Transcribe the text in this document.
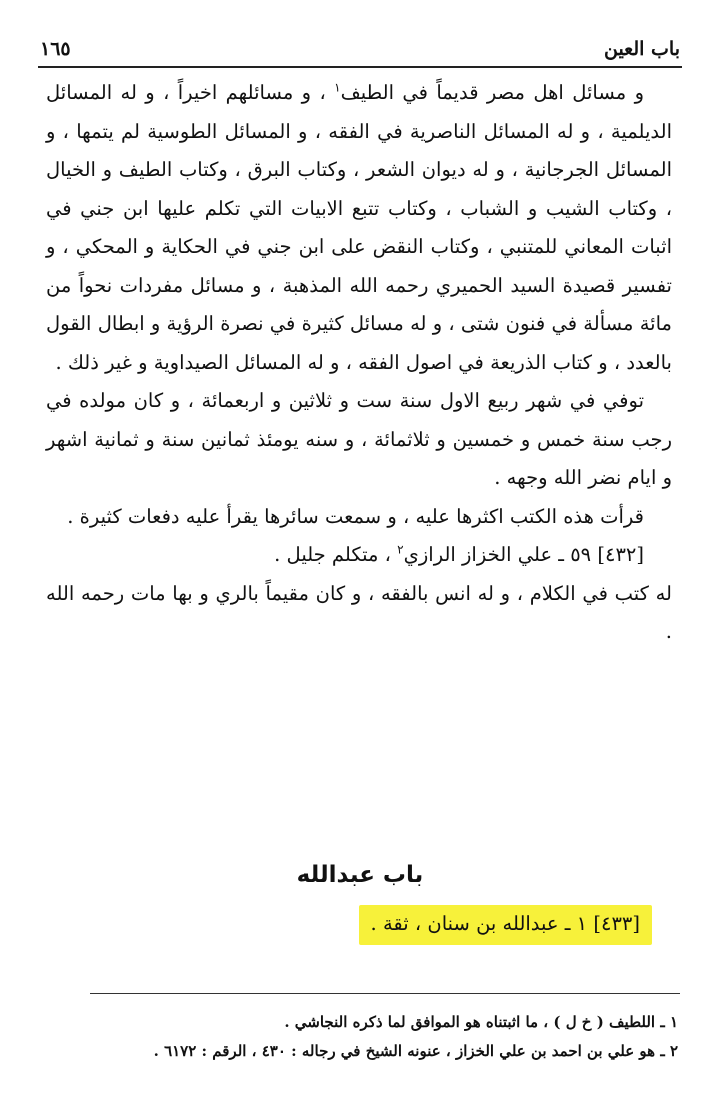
باب العين
١٦٥

و مسائل اهل مصر قديماً في الطيف$^١$ ، و مسائلهم اخيراً ، و له المسائل الديلمية ، و له المسائل الناصرية في الفقه ، و المسائل الطوسية لم يتمها ، و المسائل الجرجانية ، و له ديوان الشعر ، وكتاب البرق ، وكتاب الطيف و الخيال ، وكتاب الشيب و الشباب ، وكتاب تتبع الابيات التي تكلم عليها ابن جني في اثبات المعاني للمتنبي ، وكتاب النقض على ابن جني في الحكاية و المحكي ، و تفسير قصيدة السيد الحميري رحمه الله المذهبة ، و مسائل مفردات نحواً من مائة مسألة في فنون شتى ، و له مسائل كثيرة في نصرة الرؤية و ابطال القول بالعدد ، و كتاب الذريعة في اصول الفقه ، و له المسائل الصيداوية و غير ذلك .

توفي في شهر ربيع الاول سنة ست و ثلاثين و اربعمائة ، و كان مولده في رجب سنة خمس و خمسين و ثلاثمائة ، و سنه يومئذ ثمانين سنة و ثمانية اشهر و ايام نضر الله وجهه .

قرأت هذه الكتب اكثرها عليه ، و سمعت سائرها يقرأ عليه دفعات كثيرة .

[٤٣٢] ٥٩ ـ علي الخزاز الرازي$^٢$ ، متكلم جليل .

له كتب في الكلام ، و له انس بالفقه ، و كان مقيماً بالري و بها مات رحمه الله .

باب عبدالله
[٤٣٣] ١ ـ عبدالله بن سنان ، ثقة .

١ ـ اللطيف ( خ ل ) ، ما اثبتناه هو الموافق لما ذكره النجاشي .

٢ ـ هو علي بن احمد بن علي الخزاز ، عنونه الشيخ في رجاله : ٤٣٠ ، الرقم : ٦١٧٢ .
